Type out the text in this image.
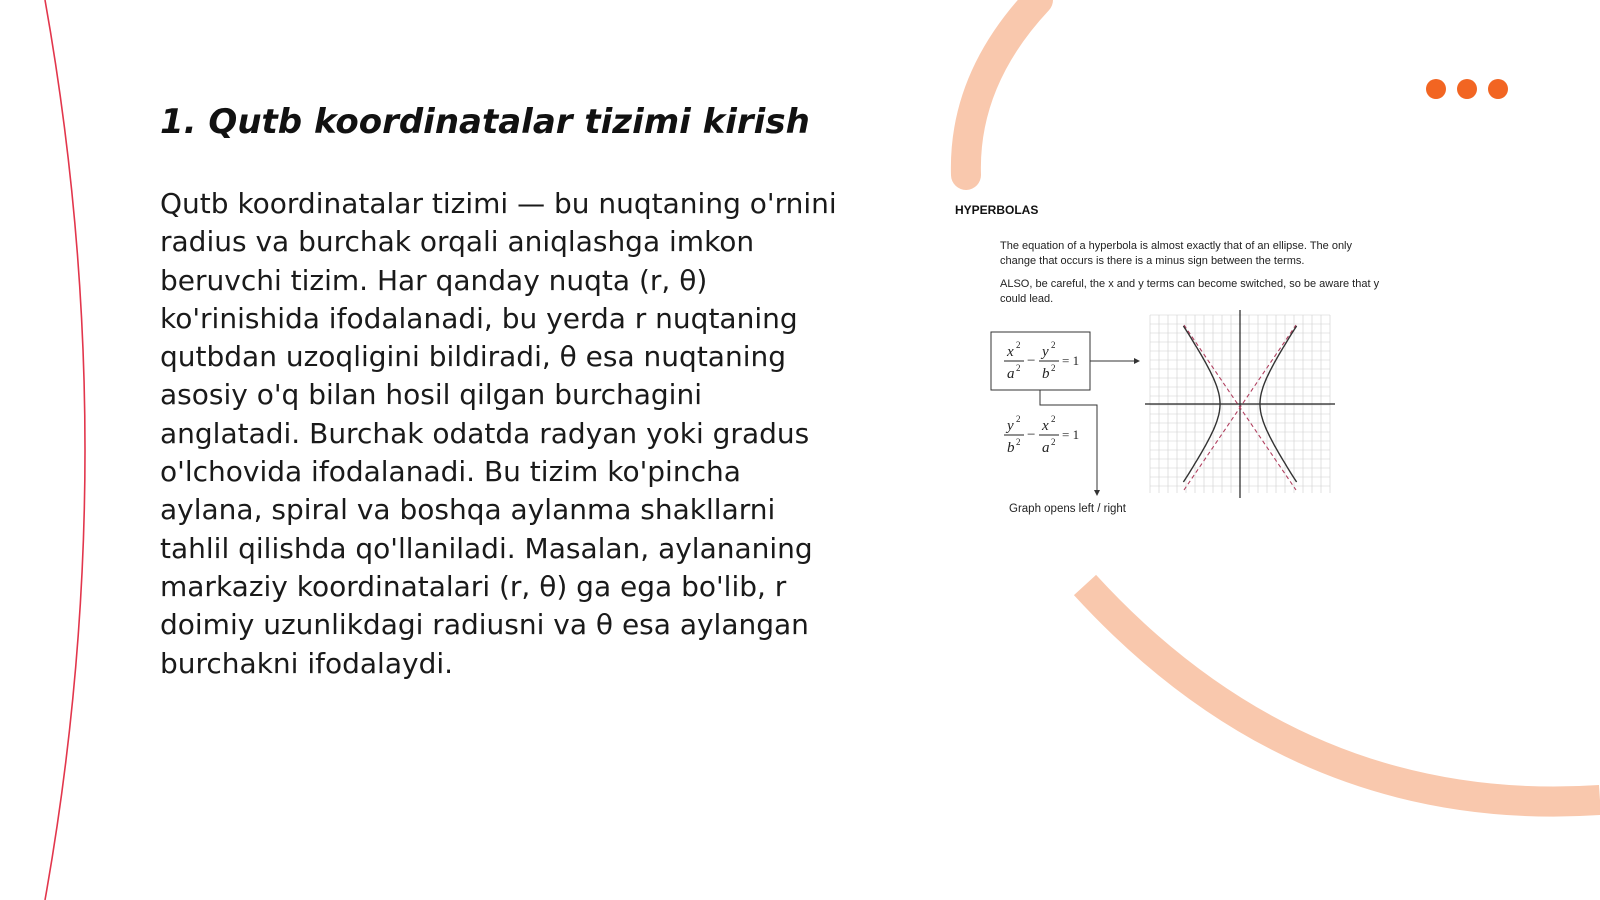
1. Qutb koordinatalar tizimi kirish

Qutb koordinatalar tizimi — bu nuqtaning o'rnini radius va burchak orqali aniqlashga imkon beruvchi tizim. Har qanday nuqta (r, θ) ko'rinishida ifodalanadi, bu yerda r nuqtaning qutbdan uzoqligini bildiradi, θ esa nuqtaning asosiy o'q bilan hosil qilgan burchagini anglatadi. Burchak odatda radyan yoki gradus o'lchovida ifodalanadi. Bu tizim ko'pincha aylana, spiral va boshqa aylanma shakllarni tahlil qilishda qo'llaniladi. Masalan, aylananing markaziy koordinatalari (r, θ) ga ega bo'lib, r doimiy uzunlikdagi radiusni va θ esa aylangan burchakni ifodalaydi.

HYPERBOLAS

The equation of a hyperbola is almost exactly that of an ellipse. The only change that occurs is there is a minus sign between the terms.

ALSO, be careful, the x and y terms can become switched, so be aware that y could lead.

x 2
a 2 −
y 2
b 2 = 1
y 2
b 2 −
x 2
a 2 = 1
Graph opens left / right
